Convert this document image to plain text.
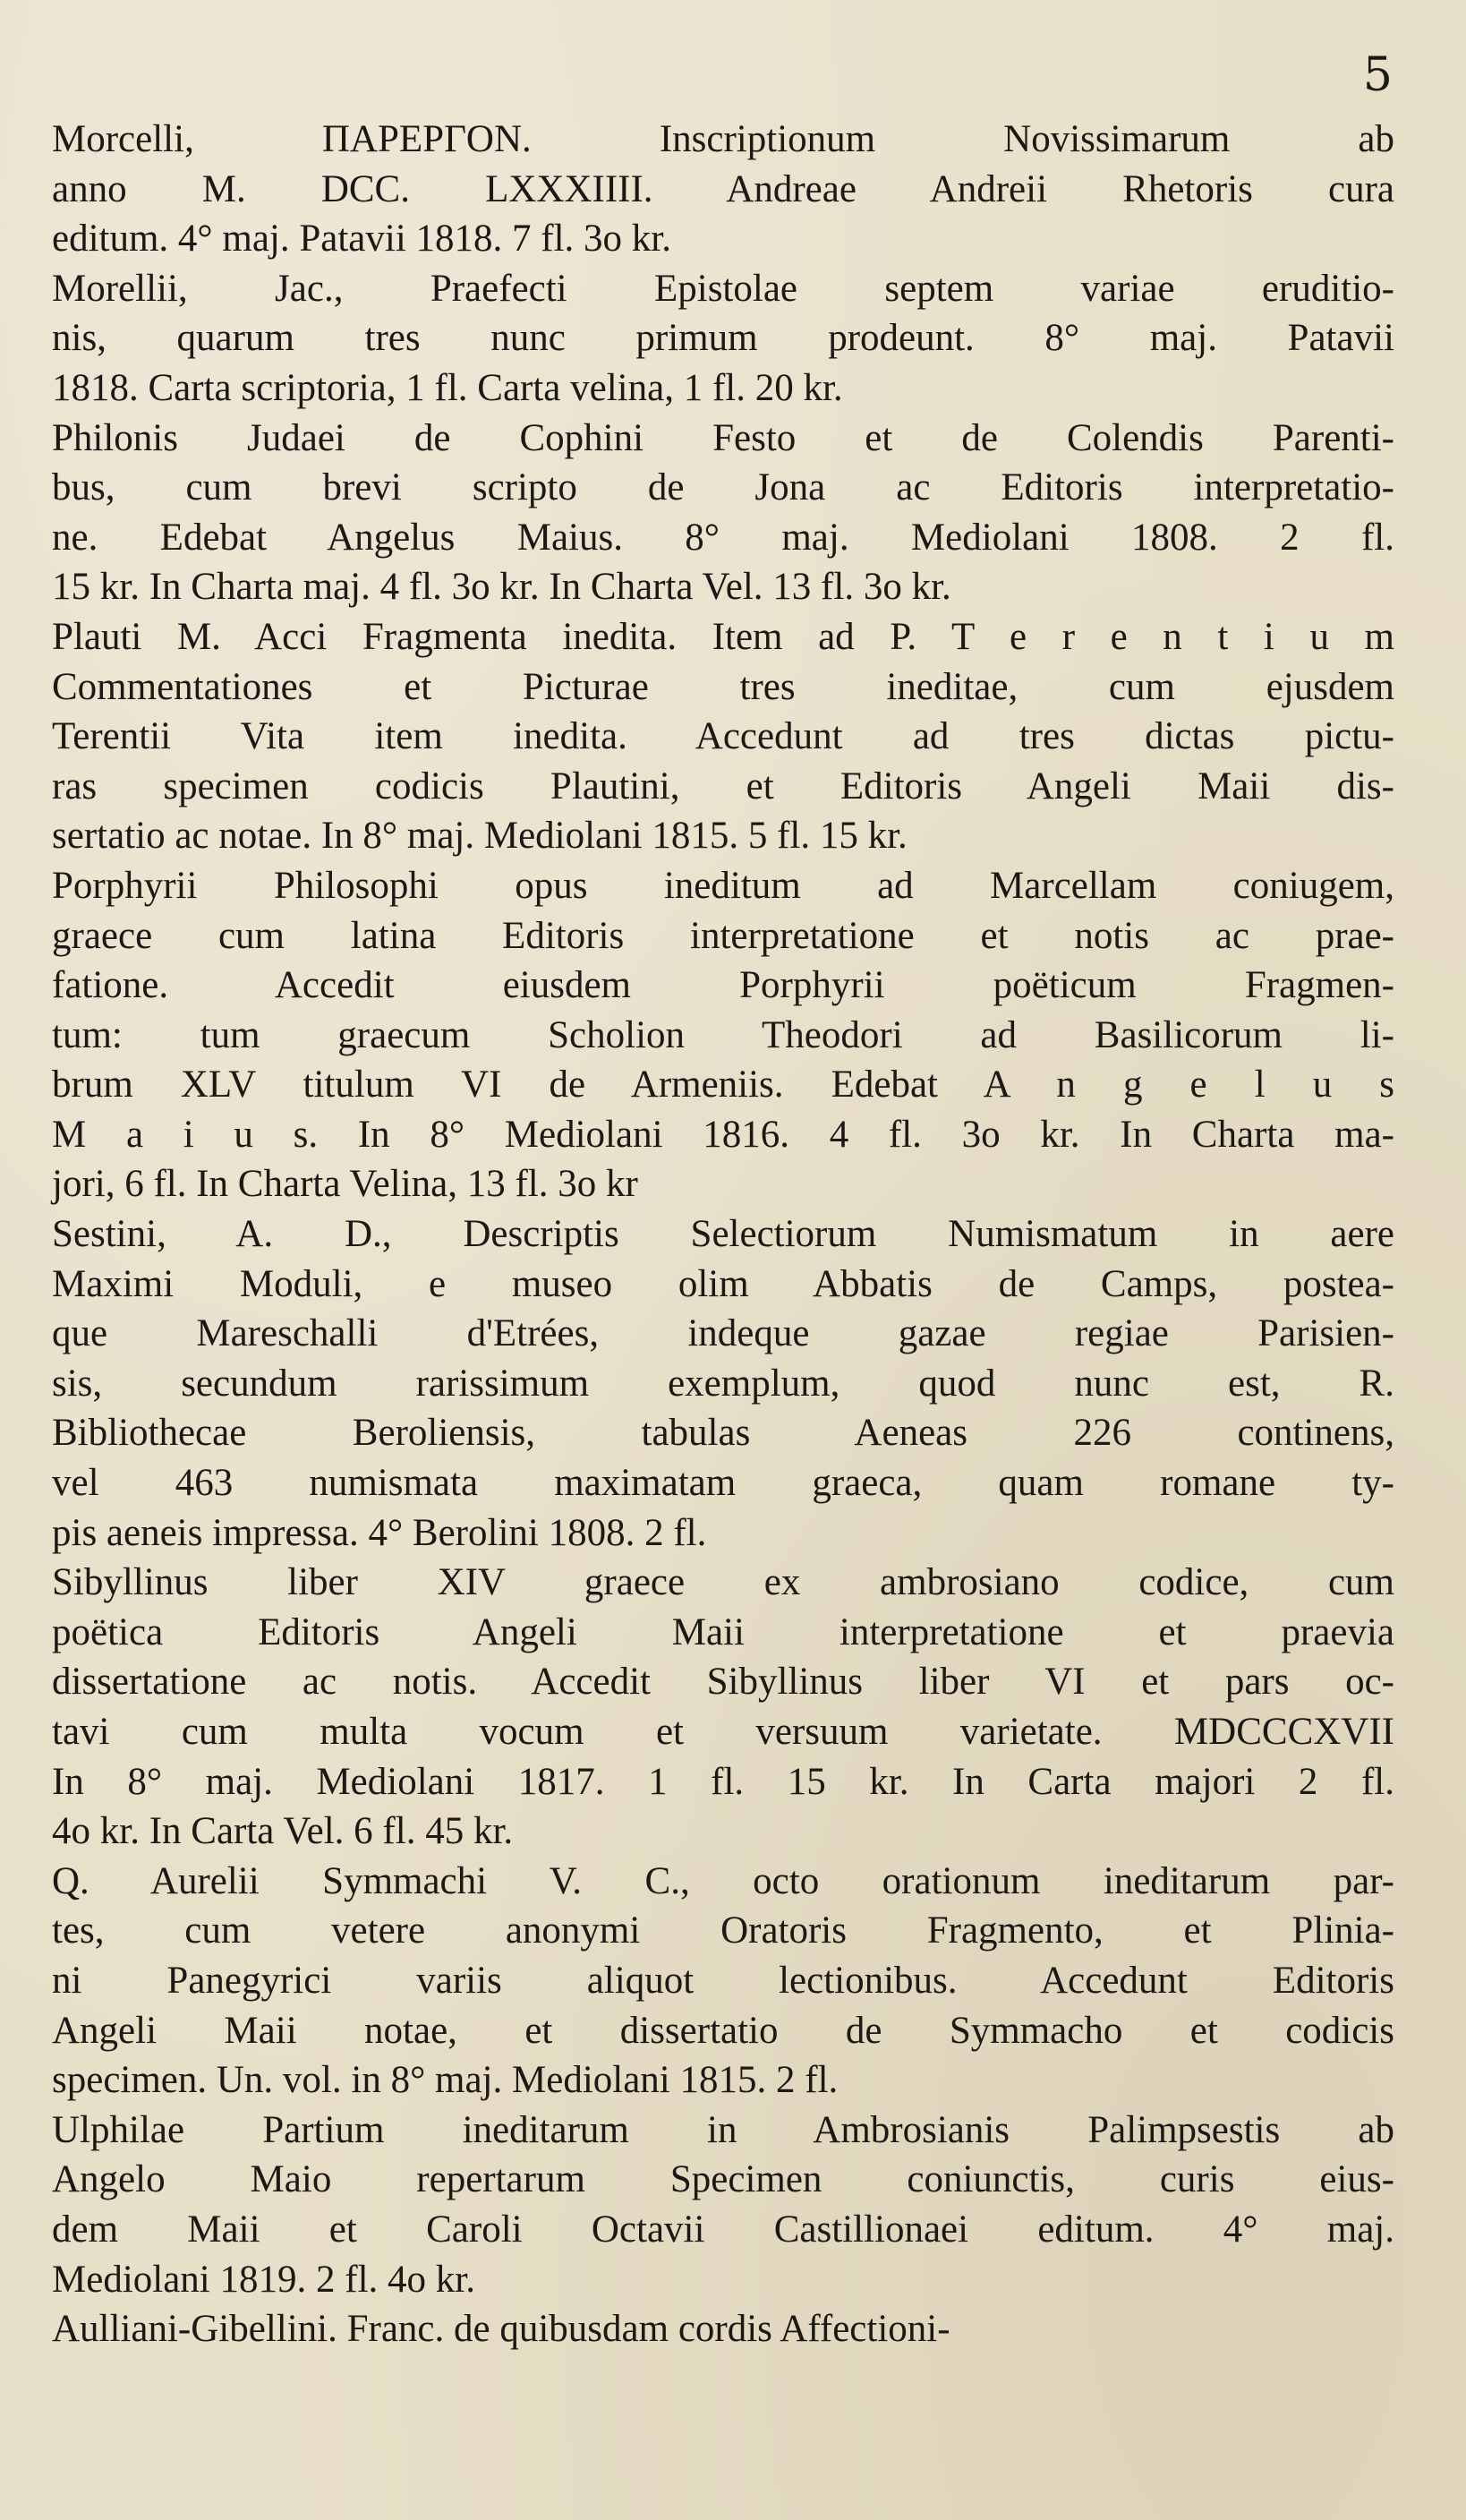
5
Morcelli, ΠΑΡΕΡΓΟΝ. Inscriptionum Novissimarum ab
anno M. DCC. LXXXIIII. Andreae Andreii Rhetoris cura
editum. 4° maj. Patavii 1818. 7 fl. 3o kr.
Morellii, Jac., Praefecti Epistolae septem variae eruditio-
nis, quarum tres nunc primum prodeunt. 8° maj. Patavii
1818. Carta scriptoria, 1 fl. Carta velina, 1 fl. 20 kr.
Philonis Judaei de Cophini Festo et de Colendis Parenti-
bus, cum brevi scripto de Jona ac Editoris interpretatio-
ne. Edebat Angelus Maius. 8° maj. Mediolani 1808. 2 fl.
15 kr. In Charta maj. 4 fl. 3o kr. In Charta Vel. 13 fl. 3o kr.
Plauti M. Acci Fragmenta inedita. Item ad P. T e r e n t i u m
Commentationes et Picturae tres ineditae, cum ejusdem
Terentii Vita item inedita. Accedunt ad tres dictas pictu-
ras specimen codicis Plautini, et Editoris Angeli Maii dis-
sertatio ac notae. In 8° maj. Mediolani 1815. 5 fl. 15 kr.
Porphyrii Philosophi opus ineditum ad Marcellam coniugem,
graece cum latina Editoris interpretatione et notis ac prae-
fatione. Accedit eiusdem Porphyrii poëticum Fragmen-
tum: tum graecum Scholion Theodori ad Basilicorum li-
brum XLV titulum VI de Armeniis. Edebat A n g e l u s
M a i u s. In 8° Mediolani 1816. 4 fl. 3o kr. In Charta ma-
jori, 6 fl. In Charta Velina, 13 fl. 3o kr
Sestini, A. D., Descriptis Selectiorum Numismatum in aere
Maximi Moduli, e museo olim Abbatis de Camps, postea-
que Mareschalli d'Etrées, indeque gazae regiae Parisien-
sis, secundum rarissimum exemplum, quod nunc est, R.
Bibliothecae Beroliensis, tabulas Aeneas 226 continens,
vel 463 numismata maximatam graeca, quam romane ty-
pis aeneis impressa. 4° Berolini 1808. 2 fl.
Sibyllinus liber XIV graece ex ambrosiano codice, cum
poëtica Editoris Angeli Maii interpretatione et praevia
dissertatione ac notis. Accedit Sibyllinus liber VI et pars oc-
tavi cum multa vocum et versuum varietate. MDCCCXVII
In 8° maj. Mediolani 1817. 1 fl. 15 kr. In Carta majori 2 fl.
4o kr. In Carta Vel. 6 fl. 45 kr.
Q. Aurelii Symmachi V. C., octo orationum ineditarum par-
tes, cum vetere anonymi Oratoris Fragmento, et Plinia-
ni Panegyrici variis aliquot lectionibus. Accedunt Editoris
Angeli Maii notae, et dissertatio de Symmacho et codicis
specimen. Un. vol. in 8° maj. Mediolani 1815. 2 fl.
Ulphilae Partium ineditarum in Ambrosianis Palimpsestis ab
Angelo Maio repertarum Specimen coniunctis, curis eius-
dem Maii et Caroli Octavii Castillionaei editum. 4° maj.
Mediolani 1819. 2 fl. 4o kr.
Aulliani-Gibellini. Franc. de quibusdam cordis Affectioni-
